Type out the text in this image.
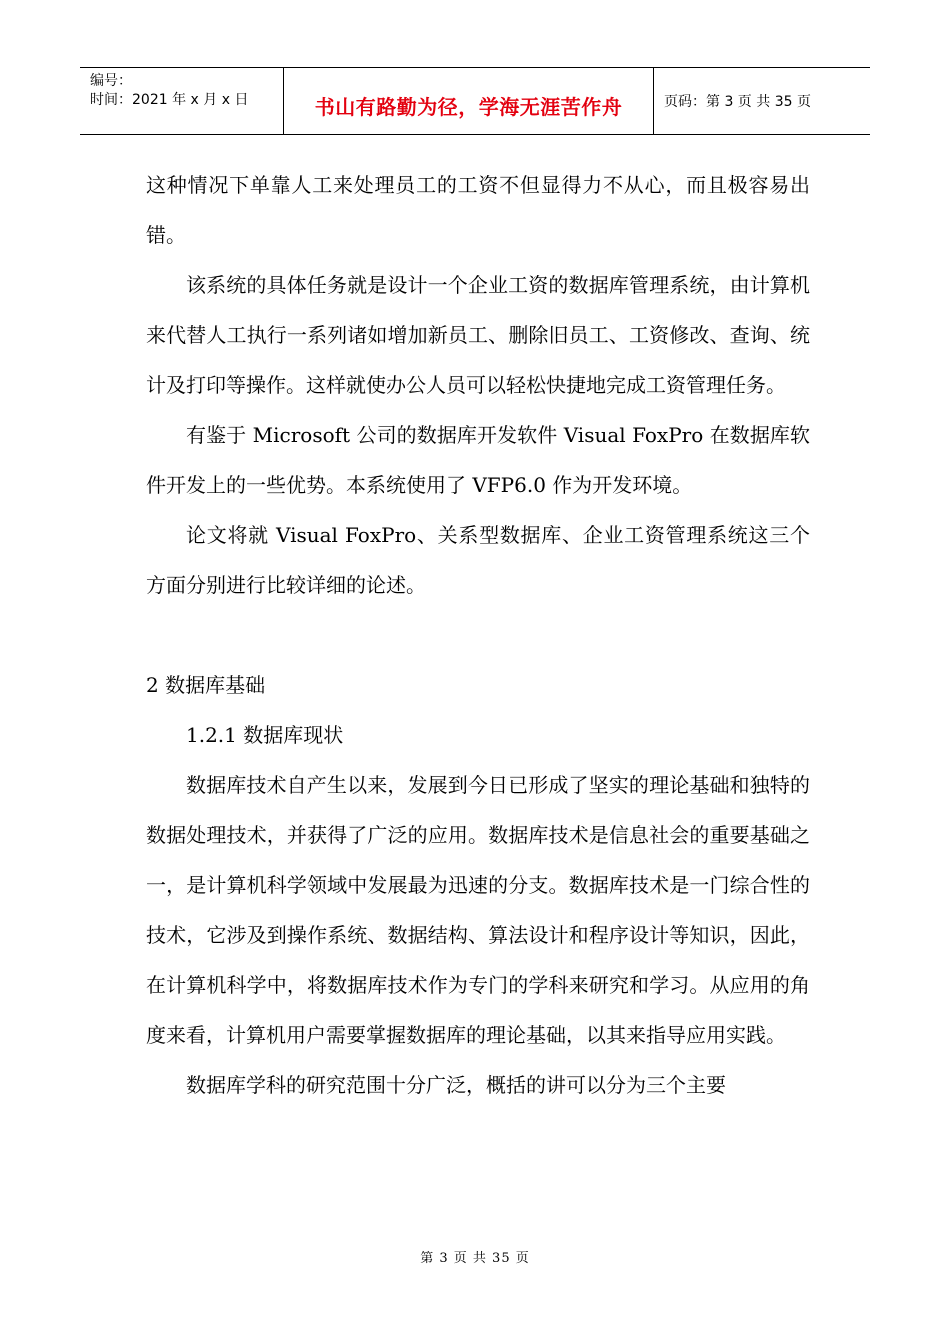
编号：
时间：2021 年 x 月 x 日	书山有路勤为径，学海无涯苦作舟	页码：第 3 页 共 35 页

这种情况下单靠人工来处理员工的工资不但显得力不从心，而且极容易出错。

该系统的具体任务就是设计一个企业工资的数据库管理系统，由计算机来代替人工执行一系列诸如增加新员工、删除旧员工、工资修改、查询、统计及打印等操作。这样就使办公人员可以轻松快捷地完成工资管理任务。

有鉴于 Microsoft 公司的数据库开发软件 Visual FoxPro 在数据库软件开发上的一些优势。本系统使用了 VFP6.0 作为开发环境。

论文将就 Visual FoxPro、关系型数据库、企业工资管理系统这三个方面分别进行比较详细的论述。

2 数据库基础

1.2.1 数据库现状

数据库技术自产生以来，发展到今日已形成了坚实的理论基础和独特的数据处理技术，并获得了广泛的应用。数据库技术是信息社会的重要基础之一，是计算机科学领域中发展最为迅速的分支。数据库技术是一门综合性的技术，它涉及到操作系统、数据结构、算法设计和程序设计等知识，因此，在计算机科学中，将数据库技术作为专门的学科来研究和学习。从应用的角度来看，计算机用户需要掌握数据库的理论基础，以其来指导应用实践。

数据库学科的研究范围十分广泛，概括的讲可以分为三个主要

第 3 页 共 35 页
